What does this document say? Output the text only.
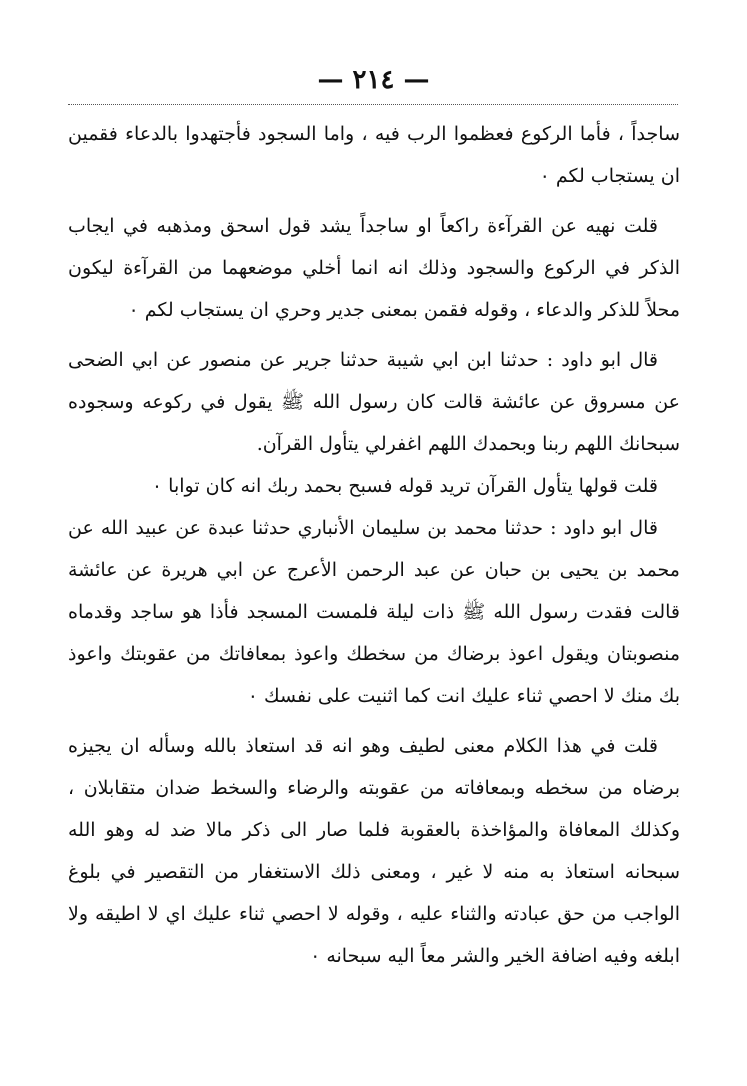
— ٢١٤ —

ساجداً ، فأما الركوع فعظموا الرب فيه ، واما السجود فأجتهدوا بالدعاء فقمين ان يستجاب لكم ٠

قلت نهيه عن القرآءة راكعاً او ساجداً يشد قول اسحق ومذهبه في ايجاب الذكر في الركوع والسجود وذلك انه انما أخلي موضعهما من القرآءة ليكون محلاً للذكر والدعاء ، وقوله فقمن بمعنى جدير وحري ان يستجاب لكم ٠

قال ابو داود : حدثنا ابن ابي شيبة حدثنا جرير عن منصور عن ابي الضحى عن مسروق عن عائشة قالت كان رسول الله ﷺ يقول في ركوعه وسجوده سبحانك اللهم ربنا وبحمدك اللهم اغفرلي يتأول القرآن.

قلت قولها يتأول القرآن تريد قوله فسبح بحمد ربك انه كان توابا ٠

قال ابو داود : حدثنا محمد بن سليمان الأنباري حدثنا عبدة عن عبيد الله عن محمد بن يحيى بن حبان عن عبد الرحمن الأعرج عن ابي هريرة عن عائشة قالت فقدت رسول الله ﷺ ذات ليلة فلمست المسجد فأذا هو ساجد وقدماه منصوبتان ويقول اعوذ برضاك من سخطك واعوذ بمعافاتك من عقوبتك واعوذ بك منك لا احصي ثناء عليك انت كما اثنيت على نفسك ٠

قلت في هذا الكلام معنى لطيف وهو انه قد استعاذ بالله وسأله ان يجيزه برضاه من سخطه وبمعافاته من عقوبته والرضاء والسخط ضدان متقابلان ، وكذلك المعافاة والمؤاخذة بالعقوبة فلما صار الى ذكر مالا ضد له وهو الله سبحانه استعاذ به منه لا غير ، ومعنى ذلك الاستغفار من التقصير في بلوغ الواجب من حق عبادته والثناء عليه ، وقوله لا احصي ثناء عليك اي لا اطيقه ولا ابلغه وفيه اضافة الخير والشر معاً اليه سبحانه ٠
